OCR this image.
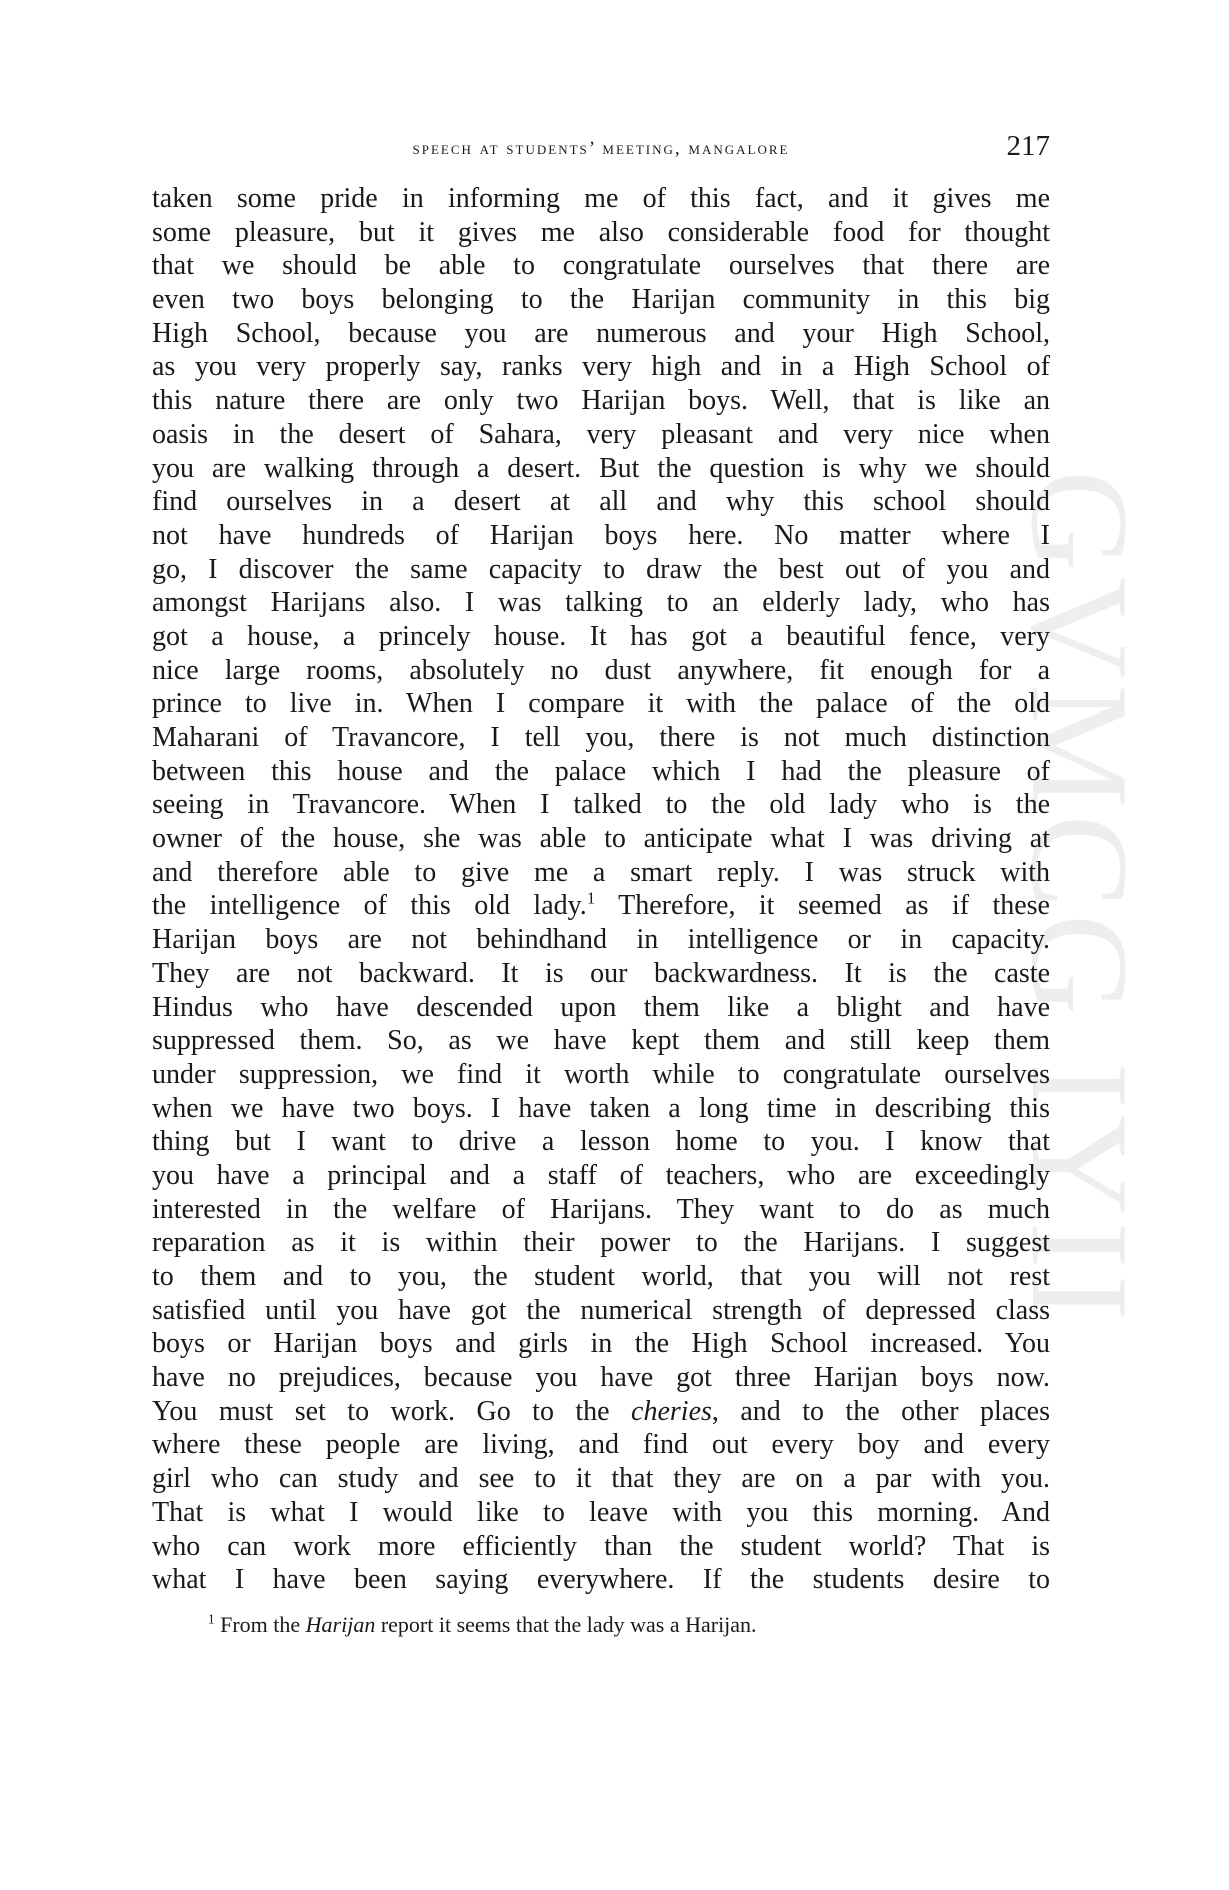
GVMCG IYII
speech at students’ meeting, mangalore	217
taken some pride in informing me of this fact, and it gives me
some pleasure, but it gives me also considerable food for thought
that we should be able to congratulate ourselves that there are
even two boys belonging to the Harijan community in this big
High School, because you are numerous and your High School,
as you very properly say, ranks very high and in a High School of
this nature there are only two Harijan boys. Well, that is like an
oasis in the desert of Sahara, very pleasant and very nice when
you are walking through a desert. But the question is why we should
find ourselves in a desert at all and why this school should
not have hundreds of Harijan boys here. No matter where I
go, I discover the same capacity to draw the best out of you and
amongst Harijans also. I was talking to an elderly lady, who has
got a house, a princely house. It has got a beautiful fence, very
nice large rooms, absolutely no dust anywhere, fit enough for a
prince to live in. When I compare it with the palace of the old
Maharani of Travancore, I tell you, there is not much distinction
between this house and the palace which I had the pleasure of
seeing in Travancore. When I talked to the old lady who is the
owner of the house, she was able to anticipate what I was driving at
and therefore able to give me a smart reply. I was struck with
the intelligence of this old lady.$^1$ Therefore, it seemed as if these
Harijan boys are not behindhand in intelligence or in capacity.
They are not backward. It is our backwardness. It is the caste
Hindus who have descended upon them like a blight and have
suppressed them. So, as we have kept them and still keep them
under suppression, we find it worth while to congratulate ourselves
when we have two boys. I have taken a long time in describing this
thing but I want to drive a lesson home to you. I know that
you have a principal and a staff of teachers, who are exceedingly
interested in the welfare of Harijans. They want to do as much
reparation as it is within their power to the Harijans. I suggest
to them and to you, the student world, that you will not rest
satisfied until you have got the numerical strength of depressed class
boys or Harijan boys and girls in the High School increased. You
have no prejudices, because you have got three Harijan boys now.
You must set to work. Go to the cheries, and to the other places
where these people are living, and find out every boy and every
girl who can study and see to it that they are on a par with you.
That is what I would like to leave with you this morning. And
who can work more efficiently than the student world? That is
what I have been saying everywhere. If the students desire to
$^1$ From the Harijan report it seems that the lady was a Harijan.
